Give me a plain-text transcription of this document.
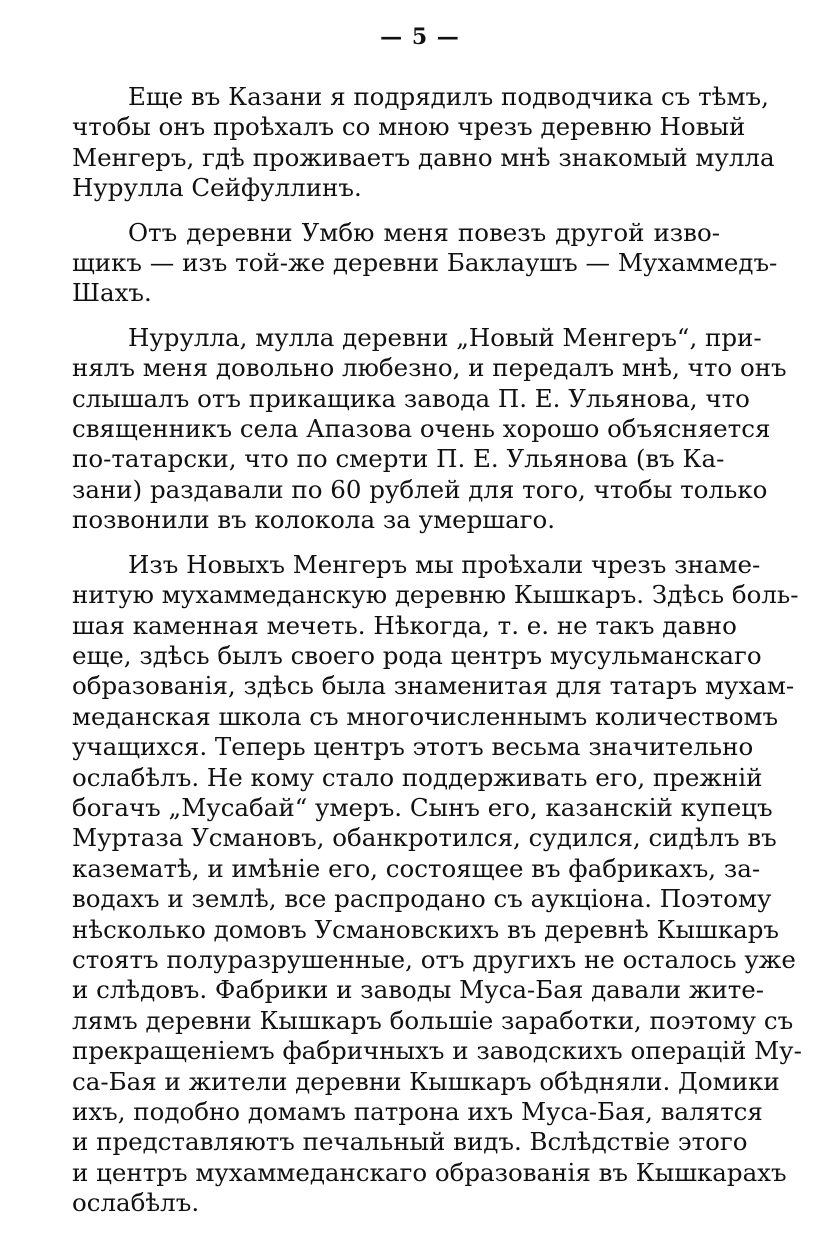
— 5 —

Еще въ Казани я подрядилъ подводчика съ тѣмъ,
чтобы онъ проѣхалъ со мною чрезъ деревню Новый
Менгеръ, гдѣ проживаетъ давно мнѣ знакомый мулла
Нурулла Сейфуллинъ.

Отъ деревни Умбю меня повезъ другой изво-
щикъ — изъ той-же деревни Баклаушъ — Мухаммедъ-
Шахъ.

Нурулла, мулла деревни „Новый Менгеръ“, при-
нялъ меня довольно любезно, и передалъ мнѣ, что онъ
слышалъ отъ прикащика завода П. Е. Ульянова, что
священникъ села Апазова очень хорошо объясняется
по-татарски, что по смерти П. Е. Ульянова (въ Ка-
зани) раздавали по 60 рублей для того, чтобы только
позвонили въ колокола за умершаго.

Изъ Новыхъ Менгеръ мы проѣхали чрезъ знаме-
нитую мухаммеданскую деревню Кышкаръ. Здѣсь боль-
шая каменная мечеть. Нѣкогда, т. е. не такъ давно
еще, здѣсь былъ своего рода центръ мусульманскаго
образованія, здѣсь была знаменитая для татаръ мухам-
меданская школа съ многочисленнымъ количествомъ
учащихся. Теперь центръ этотъ весьма значительно
ослабѣлъ. Не кому стало поддерживать его, прежній
богачъ „Мусабай“ умеръ. Сынъ его, казанскій купецъ
Муртаза Усмановъ, обанкротился, судился, сидѣлъ въ
казематѣ, и имѣніе его, состоящее въ фабрикахъ, за-
водахъ и землѣ, все распродано съ аукціона. Поэтому
нѣсколько домовъ Усмановскихъ въ деревнѣ Кышкаръ
стоятъ полуразрушенные, отъ другихъ не осталось уже
и слѣдовъ. Фабрики и заводы Муса-Бая давали жите-
лямъ деревни Кышкаръ большіе заработки, поэтому съ
прекращеніемъ фабричныхъ и заводскихъ операцій Му-
са-Бая и жители деревни Кышкаръ обѣдняли. Домики
ихъ, подобно домамъ патрона ихъ Муса-Бая, валятся
и представляютъ печальный видъ. Вслѣдствіе этого
и центръ мухаммеданскаго образованія въ Кышкарахъ
ослабѣлъ.
